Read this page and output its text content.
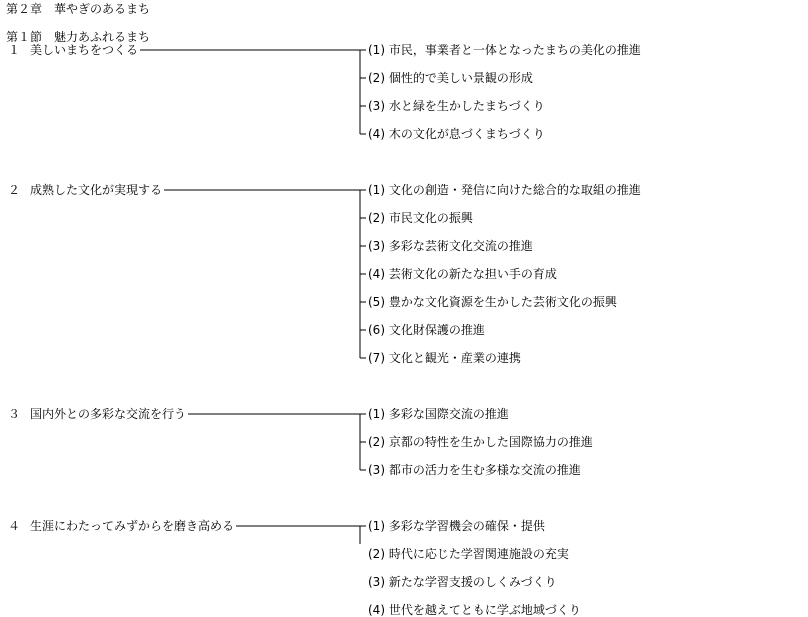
第２章　華やぎのあるまち
第１節　魅力あふれるまち
１ 美しいまちをつくる	(1) 市民，事業者と一体となったまちの美化の推進
(2) 個性的で美しい景観の形成
(3) 水と緑を生かしたまちづくり
(4) 木の文化が息づくまちづくり
２ 成熟した文化が実現する	(1) 文化の創造・発信に向けた総合的な取組の推進
(2) 市民文化の振興
(3) 多彩な芸術文化交流の推進
(4) 芸術文化の新たな担い手の育成
(5) 豊かな文化資源を生かした芸術文化の振興
(6) 文化財保護の推進
(7) 文化と観光・産業の連携
３ 国内外との多彩な交流を行う	(1) 多彩な国際交流の推進
(2) 京都の特性を生かした国際協力の推進
(3) 都市の活力を生む多様な交流の推進
４ 生涯にわたってみずからを磨き高める	(1) 多彩な学習機会の確保・提供
(2) 時代に応じた学習関連施設の充実
(3) 新たな学習支援のしくみづくり
(4) 世代を越えてともに学ぶ地域づくり
